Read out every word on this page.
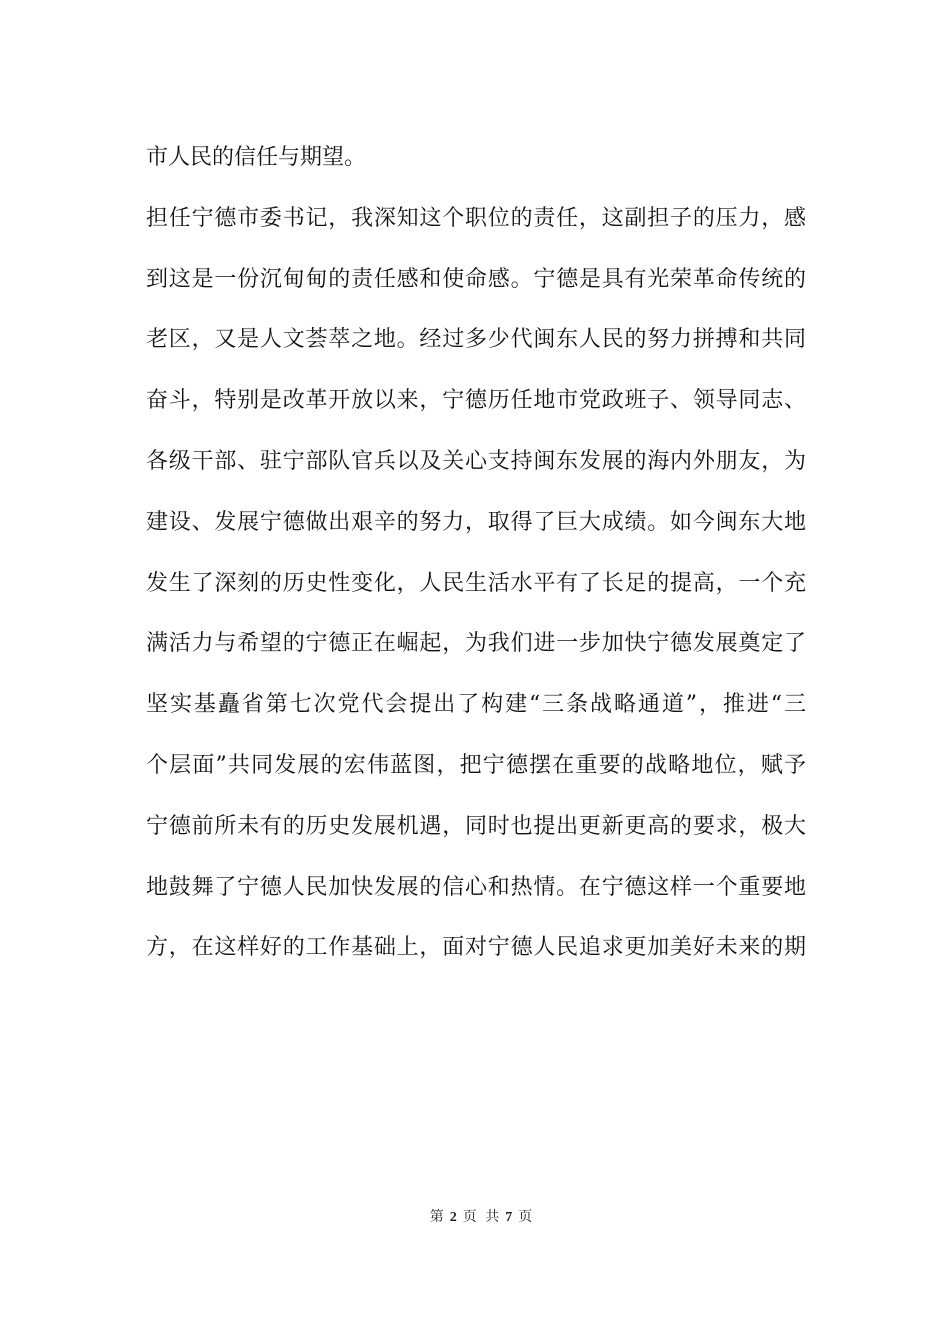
市人民的信任与期望。
担任宁德市委书记，我深知这个职位的责任，这副担子的压力，感
到这是一份沉甸甸的责任感和使命感。宁德是具有光荣革命传统的
老区，又是人文荟萃之地。经过多少代闽东人民的努力拼搏和共同
奋斗，特别是改革开放以来，宁德历任地市党政班子、领导同志、
各级干部、驻宁部队官兵以及关心支持闽东发展的海内外朋友，为
建设、发展宁德做出艰辛的努力，取得了巨大成绩。如今闽东大地
发生了深刻的历史性变化，人民生活水平有了长足的提高，一个充
满活力与希望的宁德正在崛起，为我们进一步加快宁德发展奠定了
坚实基矗省第七次党代会提出了构建“三条战略通道”，推进“三
个层面”共同发展的宏伟蓝图，把宁德摆在重要的战略地位，赋予
宁德前所未有的历史发展机遇，同时也提出更新更高的要求，极大
地鼓舞了宁德人民加快发展的信心和热情。在宁德这样一个重要地
方，在这样好的工作基础上，面对宁德人民追求更加美好未来的期
第 2 页 共 7 页
